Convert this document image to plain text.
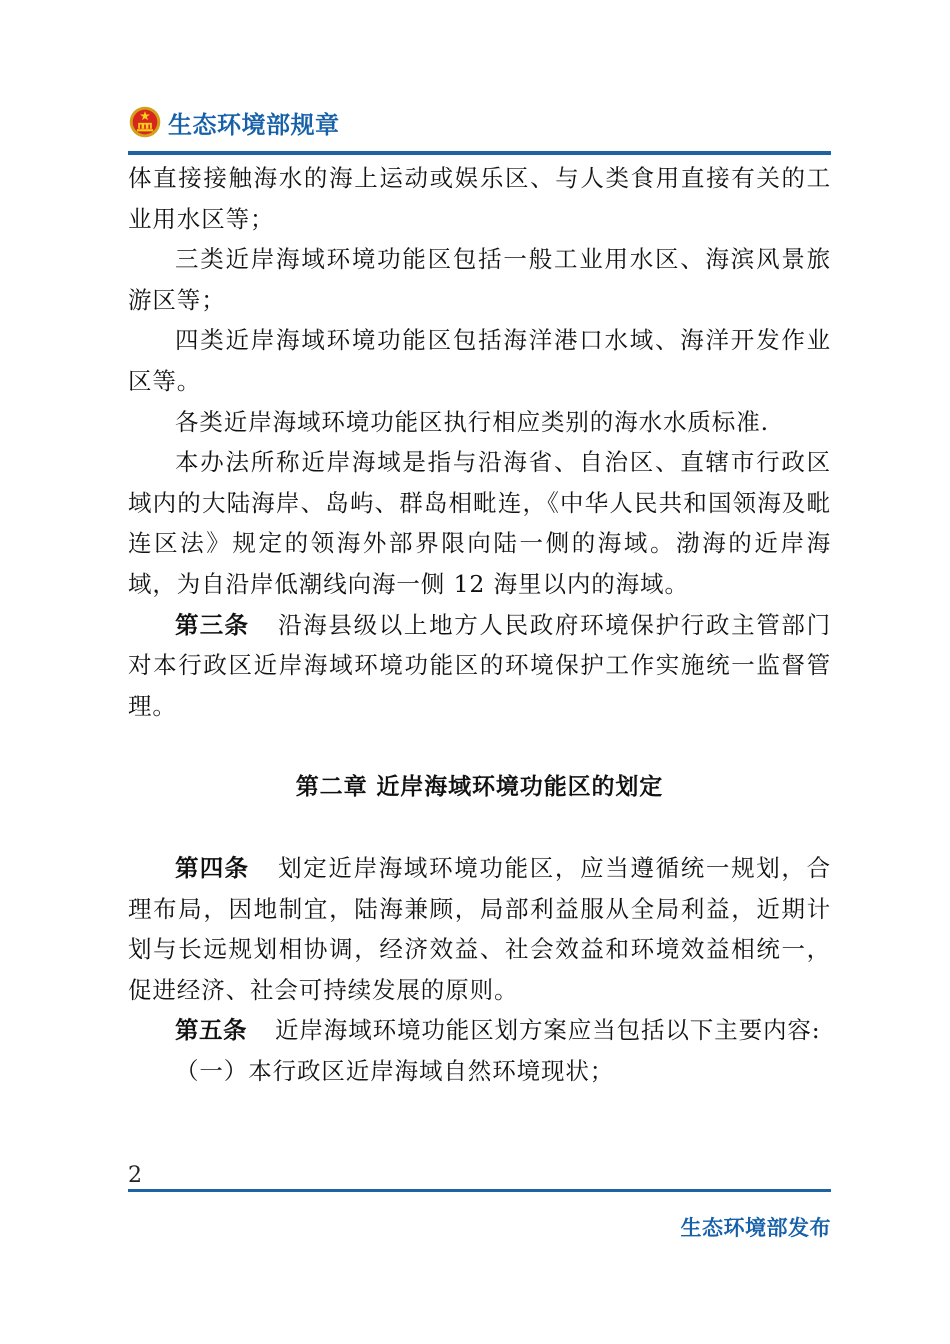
生态环境部规章

体直接接触海水的海上运动或娱乐区、与人类食用直接有关的工业用水区等；

三类近岸海域环境功能区包括一般工业用水区、海滨风景旅游区等；

四类近岸海域环境功能区包括海洋港口水域、海洋开发作业区等。

各类近岸海域环境功能区执行相应类别的海水水质标准.

本办法所称近岸海域是指与沿海省、自治区、直辖市行政区域内的大陆海岸、岛屿、群岛相毗连，《中华人民共和国领海及毗连区法》规定的领海外部界限向陆一侧的海域。渤海的近岸海域，为自沿岸低潮线向海一侧 12 海里以内的海域。

第三条 沿海县级以上地方人民政府环境保护行政主管部门对本行政区近岸海域环境功能区的环境保护工作实施统一监督管理。

第二章 近岸海域环境功能区的划定

第四条 划定近岸海域环境功能区，应当遵循统一规划，合理布局，因地制宜，陆海兼顾，局部利益服从全局利益，近期计划与长远规划相协调，经济效益、社会效益和环境效益相统一，促进经济、社会可持续发展的原则。

第五条 近岸海域环境功能区划方案应当包括以下主要内容:

（一）本行政区近岸海域自然环境现状；

2
生态环境部发布
